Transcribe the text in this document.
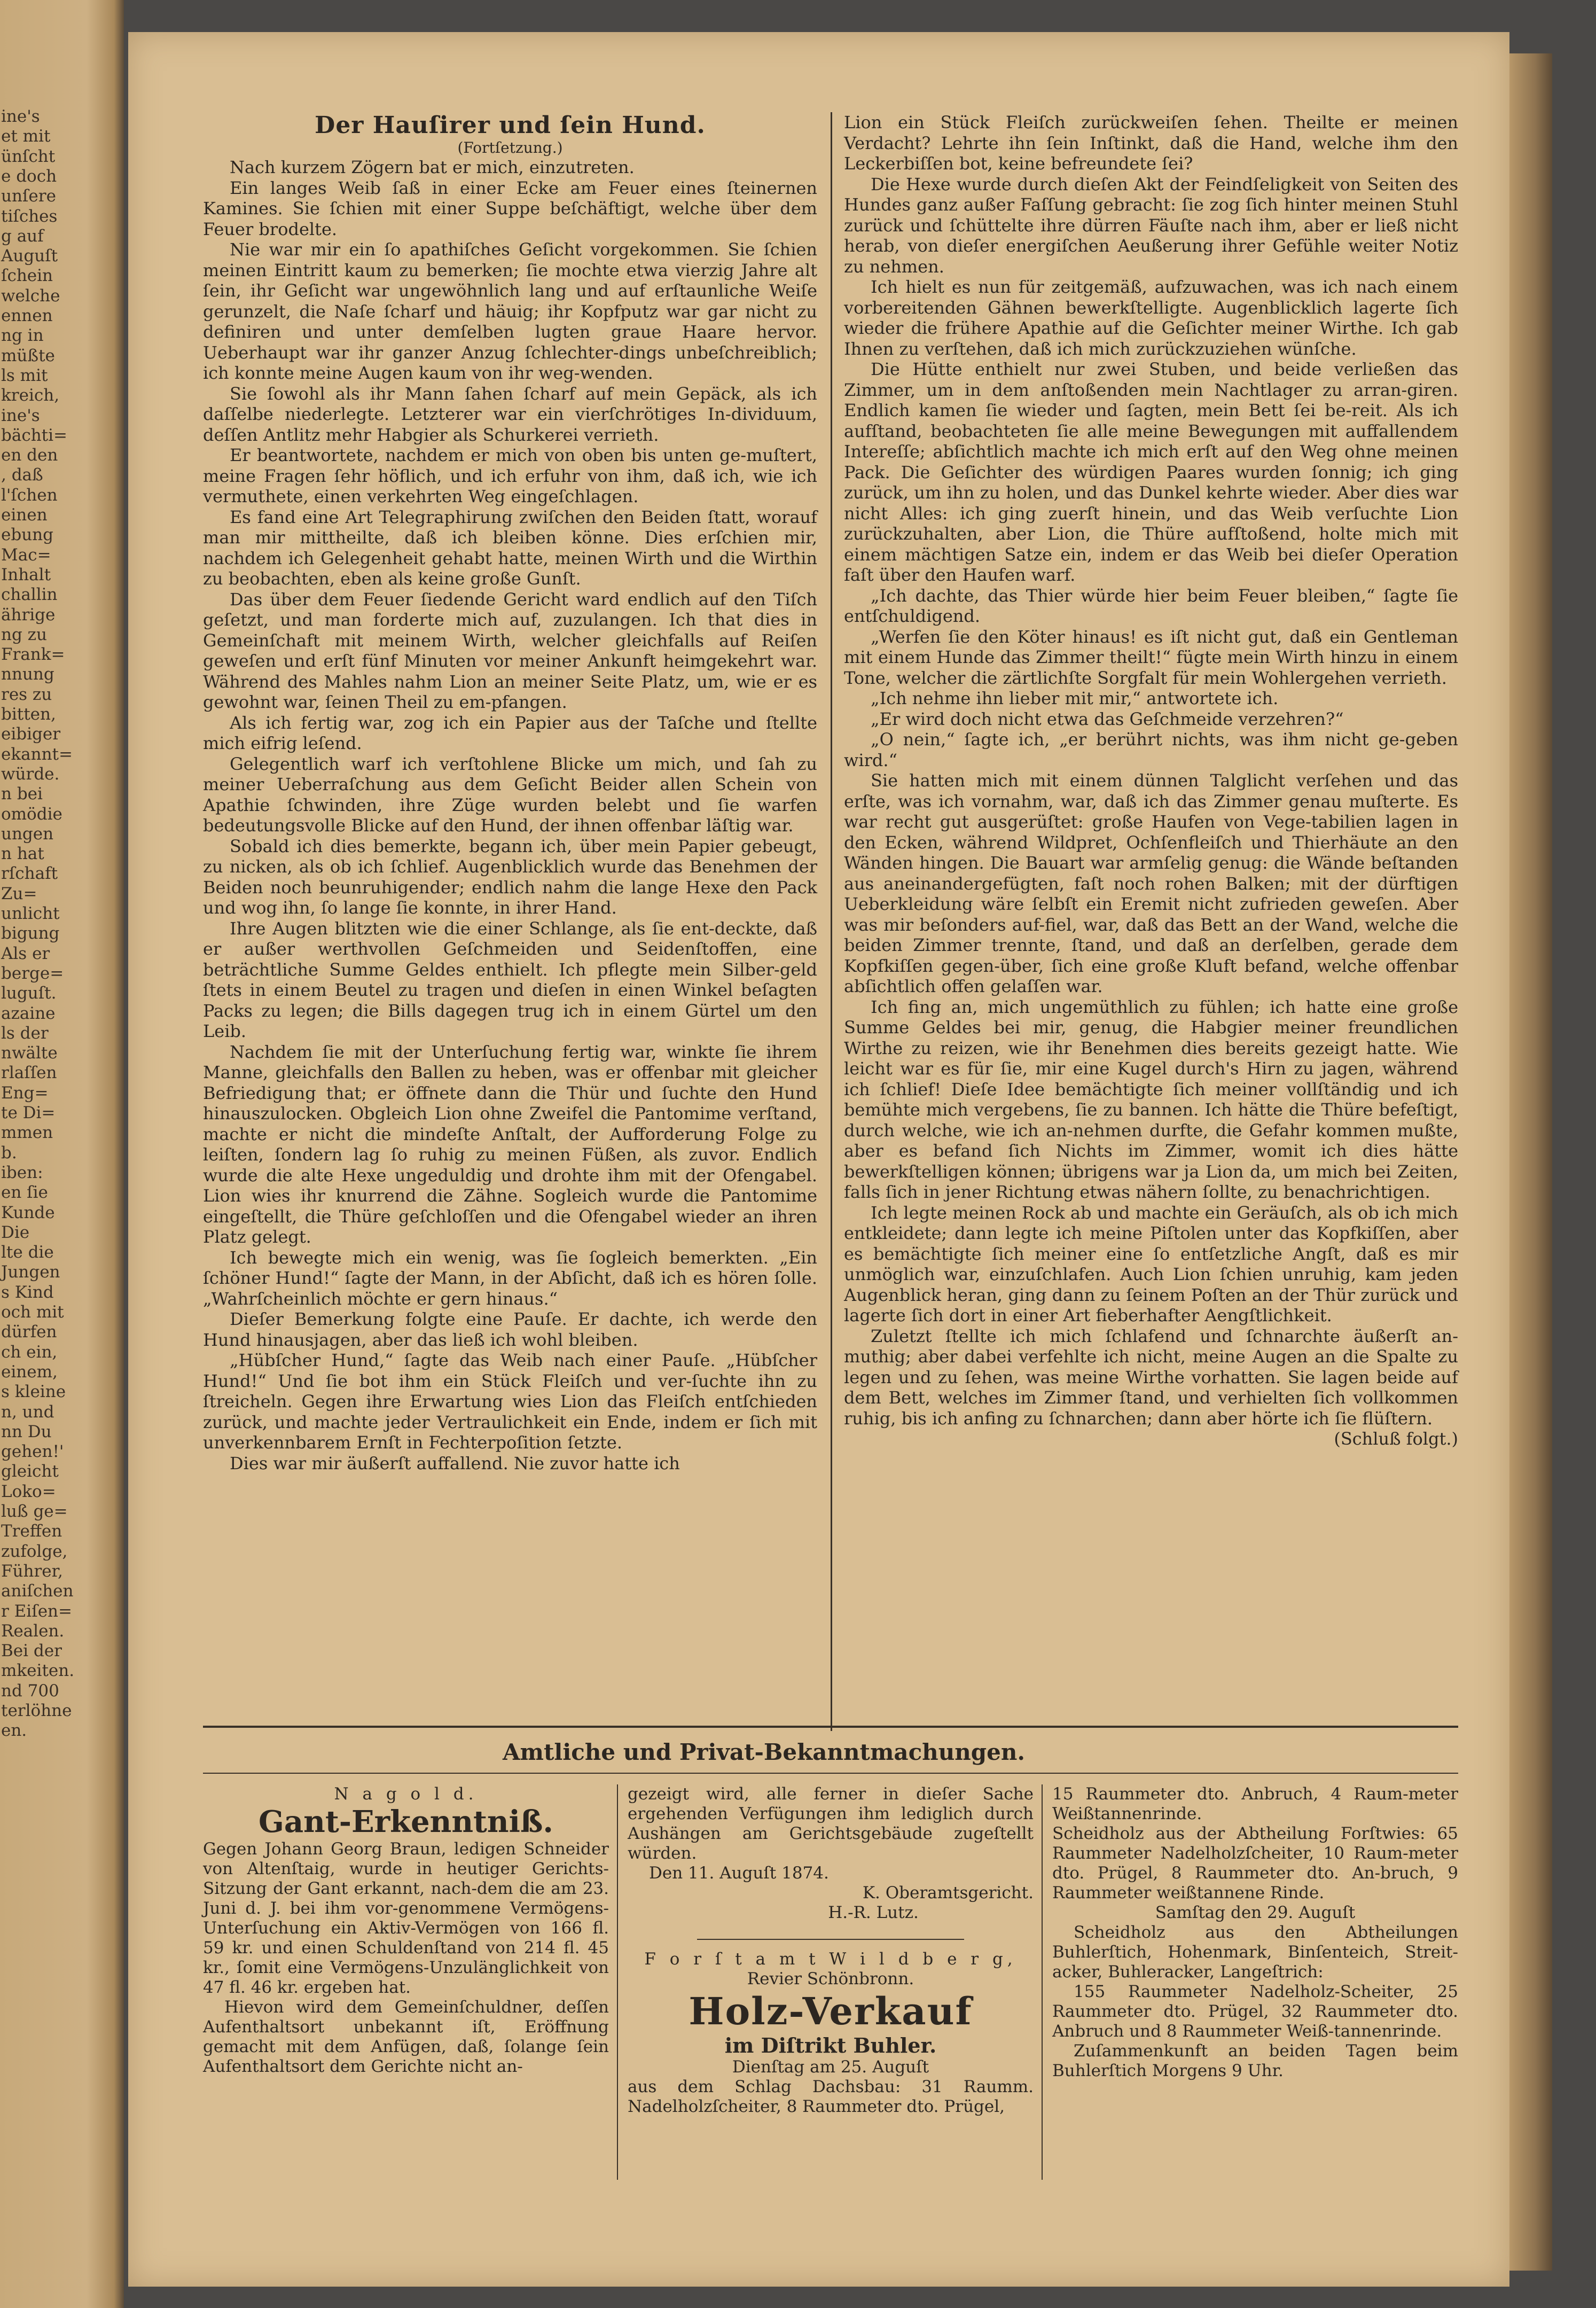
ine's
et mit
ünſcht
e doch
unſere
tiſches
g auf
Auguſt
ſchein
welche
ennen
ng in
müßte
ls mit
kreich,
ine's
bächti=
en den
, daß
l'ſchen
einen
ebung
Mac=
Inhalt
challin
ährige
ng zu
Frank=
nnung
res zu
bitten,
eibiger
ekannt=
würde.
n bei
omödie
ungen
n hat
rſchaft
Zu=
unlicht
bigung
Als er
berge=
luguſt.
azaine
ls der
nwälte
rlaſſen
Eng=
te Di=
mmen
b.
iben:
en ſie
Kunde
Die
lte die
Jungen
s Kind
och mit
dürfen
ch ein,
einem,
s kleine
n, und
nn Du
gehen!'
gleicht
Loko=
luß ge=
Treffen
zufolge,
Führer,
aniſchen
r Eiſen=
Realen.
Bei der
mkeiten.
nd 700
terlöhne
en.
Der Hauſirer und ſein Hund.
(Fortſetzung.)

Nach kurzem Zögern bat er mich, einzutreten.

Ein langes Weib ſaß in einer Ecke am Feuer eines ſteinernen Kamines. Sie ſchien mit einer Suppe beſchäftigt, welche über dem Feuer brodelte.

Nie war mir ein ſo apathiſches Geſicht vorgekommen. Sie ſchien meinen Eintritt kaum zu bemerken; ſie mochte etwa vierzig Jahre alt ſein, ihr Geſicht war ungewöhnlich lang und auf erſtaunliche Weiſe gerunzelt, die Naſe ſcharf und häuig; ihr Kopfputz war gar nicht zu definiren und unter demſelben lugten graue Haare hervor. Ueberhaupt war ihr ganzer Anzug ſchlechter-dings unbeſchreiblich; ich konnte meine Augen kaum von ihr weg-wenden.

Sie ſowohl als ihr Mann ſahen ſcharf auf mein Gepäck, als ich daſſelbe niederlegte. Letzterer war ein vierſchrötiges In-dividuum, deſſen Antlitz mehr Habgier als Schurkerei verrieth.

Er beantwortete, nachdem er mich von oben bis unten ge-muſtert, meine Fragen ſehr höflich, und ich erfuhr von ihm, daß ich, wie ich vermuthete, einen verkehrten Weg eingeſchlagen.

Es fand eine Art Telegraphirung zwiſchen den Beiden ſtatt, worauf man mir mittheilte, daß ich bleiben könne. Dies erſchien mir, nachdem ich Gelegenheit gehabt hatte, meinen Wirth und die Wirthin zu beobachten, eben als keine große Gunſt.

Das über dem Feuer ſiedende Gericht ward endlich auf den Tiſch geſetzt, und man forderte mich auf, zuzulangen. Ich that dies in Gemeinſchaft mit meinem Wirth, welcher gleichfalls auf Reiſen geweſen und erſt fünf Minuten vor meiner Ankunft heimgekehrt war. Während des Mahles nahm Lion an meiner Seite Platz, um, wie er es gewohnt war, ſeinen Theil zu em-pfangen.

Als ich fertig war, zog ich ein Papier aus der Taſche und ſtellte mich eifrig leſend.

Gelegentlich warf ich verſtohlene Blicke um mich, und ſah zu meiner Ueberraſchung aus dem Geſicht Beider allen Schein von Apathie ſchwinden, ihre Züge wurden belebt und ſie warfen bedeutungsvolle Blicke auf den Hund, der ihnen offenbar läſtig war.

Sobald ich dies bemerkte, begann ich, über mein Papier gebeugt, zu nicken, als ob ich ſchlief. Augenblicklich wurde das Benehmen der Beiden noch beunruhigender; endlich nahm die lange Hexe den Pack und wog ihn, ſo lange ſie konnte, in ihrer Hand.

Ihre Augen blitzten wie die einer Schlange, als ſie ent-deckte, daß er außer werthvollen Geſchmeiden und Seidenſtoffen, eine beträchtliche Summe Geldes enthielt. Ich pflegte mein Silber-geld ſtets in einem Beutel zu tragen und dieſen in einen Winkel beſagten Packs zu legen; die Bills dagegen trug ich in einem Gürtel um den Leib.

Nachdem ſie mit der Unterſuchung fertig war, winkte ſie ihrem Manne, gleichfalls den Ballen zu heben, was er offenbar mit gleicher Befriedigung that; er öffnete dann die Thür und ſuchte den Hund hinauszulocken. Obgleich Lion ohne Zweifel die Pantomime verſtand, machte er nicht die mindeſte Anſtalt, der Aufforderung Folge zu leiſten, ſondern lag ſo ruhig zu meinen Füßen, als zuvor. Endlich wurde die alte Hexe ungeduldig und drohte ihm mit der Ofengabel. Lion wies ihr knurrend die Zähne. Sogleich wurde die Pantomime eingeſtellt, die Thüre geſchloſſen und die Ofengabel wieder an ihren Platz gelegt.

Ich bewegte mich ein wenig, was ſie ſogleich bemerkten. „Ein ſchöner Hund!“ ſagte der Mann, in der Abſicht, daß ich es hören ſolle. „Wahrſcheinlich möchte er gern hinaus.“

Dieſer Bemerkung folgte eine Pauſe. Er dachte, ich werde den Hund hinausjagen, aber das ließ ich wohl bleiben.

„Hübſcher Hund,“ ſagte das Weib nach einer Pauſe. „Hübſcher Hund!“ Und ſie bot ihm ein Stück Fleiſch und ver-ſuchte ihn zu ſtreicheln. Gegen ihre Erwartung wies Lion das Fleiſch entſchieden zurück, und machte jeder Vertraulichkeit ein Ende, indem er ſich mit unverkennbarem Ernſt in Fechterpoſition ſetzte.

Dies war mir äußerſt auffallend. Nie zuvor hatte ich

Lion ein Stück Fleiſch zurückweiſen ſehen. Theilte er meinen Verdacht? Lehrte ihn ſein Inſtinkt, daß die Hand, welche ihm den Leckerbiſſen bot, keine befreundete ſei?

Die Hexe wurde durch dieſen Akt der Feindſeligkeit von Seiten des Hundes ganz außer Faſſung gebracht: ſie zog ſich hinter meinen Stuhl zurück und ſchüttelte ihre dürren Fäuſte nach ihm, aber er ließ nicht herab, von dieſer energiſchen Aeußerung ihrer Gefühle weiter Notiz zu nehmen.

Ich hielt es nun für zeitgemäß, aufzuwachen, was ich nach einem vorbereitenden Gähnen bewerkſtelligte. Augenblicklich lagerte ſich wieder die frühere Apathie auf die Geſichter meiner Wirthe. Ich gab Ihnen zu verſtehen, daß ich mich zurückzuziehen wünſche.

Die Hütte enthielt nur zwei Stuben, und beide verließen das Zimmer, um in dem anſtoßenden mein Nachtlager zu arran-giren. Endlich kamen ſie wieder und ſagten, mein Bett ſei be-reit. Als ich aufſtand, beobachteten ſie alle meine Bewegungen mit auffallendem Intereſſe; abſichtlich machte ich mich erſt auf den Weg ohne meinen Pack. Die Geſichter des würdigen Paares wurden ſonnig; ich ging zurück, um ihn zu holen, und das Dunkel kehrte wieder. Aber dies war nicht Alles: ich ging zuerſt hinein, und das Weib verſuchte Lion zurückzuhalten, aber Lion, die Thüre aufſtoßend, holte mich mit einem mächtigen Satze ein, indem er das Weib bei dieſer Operation faſt über den Haufen warf.

„Ich dachte, das Thier würde hier beim Feuer bleiben,“ ſagte ſie entſchuldigend.

„Werfen ſie den Köter hinaus! es iſt nicht gut, daß ein Gentleman mit einem Hunde das Zimmer theilt!“ fügte mein Wirth hinzu in einem Tone, welcher die zärtlichſte Sorgfalt für mein Wohlergehen verrieth.

„Ich nehme ihn lieber mit mir,“ antwortete ich.

„Er wird doch nicht etwa das Geſchmeide verzehren?“

„O nein,“ ſagte ich, „er berührt nichts, was ihm nicht ge-geben wird.“

Sie hatten mich mit einem dünnen Talglicht verſehen und das erſte, was ich vornahm, war, daß ich das Zimmer genau muſterte. Es war recht gut ausgerüſtet: große Haufen von Vege-tabilien lagen in den Ecken, während Wildpret, Ochſenfleiſch und Thierhäute an den Wänden hingen. Die Bauart war armſelig genug: die Wände beſtanden aus aneinandergefügten, faſt noch rohen Balken; mit der dürftigen Ueberkleidung wäre ſelbſt ein Eremit nicht zufrieden geweſen. Aber was mir beſonders auf-fiel, war, daß das Bett an der Wand, welche die beiden Zimmer trennte, ſtand, und daß an derſelben, gerade dem Kopfkiſſen gegen-über, ſich eine große Kluft befand, welche offenbar abſichtlich offen gelaſſen war.

Ich fing an, mich ungemüthlich zu fühlen; ich hatte eine große Summe Geldes bei mir, genug, die Habgier meiner freundlichen Wirthe zu reizen, wie ihr Benehmen dies bereits gezeigt hatte. Wie leicht war es für ſie, mir eine Kugel durch's Hirn zu jagen, während ich ſchlief! Dieſe Idee bemächtigte ſich meiner vollſtändig und ich bemühte mich vergebens, ſie zu bannen. Ich hätte die Thüre befeſtigt, durch welche, wie ich an-nehmen durfte, die Gefahr kommen mußte, aber es befand ſich Nichts im Zimmer, womit ich dies hätte bewerkſtelligen können; übrigens war ja Lion da, um mich bei Zeiten, falls ſich in jener Richtung etwas nähern ſollte, zu benachrichtigen.

Ich legte meinen Rock ab und machte ein Geräuſch, als ob ich mich entkleidete; dann legte ich meine Piſtolen unter das Kopfkiſſen, aber es bemächtigte ſich meiner eine ſo entſetzliche Angſt, daß es mir unmöglich war, einzuſchlafen. Auch Lion ſchien unruhig, kam jeden Augenblick heran, ging dann zu ſeinem Poſten an der Thür zurück und lagerte ſich dort in einer Art fieberhafter Aengſtlichkeit.

Zuletzt ſtellte ich mich ſchlafend und ſchnarchte äußerſt an-muthig; aber dabei verfehlte ich nicht, meine Augen an die Spalte zu legen und zu ſehen, was meine Wirthe vorhatten. Sie lagen beide auf dem Bett, welches im Zimmer ſtand, und verhielten ſich vollkommen ruhig, bis ich anfing zu ſchnarchen; dann aber hörte ich ſie flüſtern.

(Schluß folgt.)
Amtliche und Privat-Bekanntmachungen.

N a g o l d.

Gant-Erkenntniß.

Gegen Johann Georg Braun, ledigen Schneider von Altenſtaig, wurde in heutiger Gerichts-Sitzung der Gant erkannt, nach-dem die am 23. Juni d. J. bei ihm vor-genommene Vermögens-Unterſuchung ein Aktiv-Vermögen von 166 fl. 59 kr. und einen Schuldenſtand von 214 fl. 45 kr., ſomit eine Vermögens-Unzulänglichkeit von 47 fl. 46 kr. ergeben hat.

Hievon wird dem Gemeinſchuldner, deſſen Aufenthaltsort unbekannt iſt, Eröffnung gemacht mit dem Anfügen, daß, ſolange ſein Aufenthaltsort dem Gerichte nicht an-

gezeigt wird, alle ferner in dieſer Sache ergehenden Verfügungen ihm lediglich durch Aushängen am Gerichtsgebäude zugeſtellt würden.

Den 11. Auguſt 1874.

K. Oberamtsgericht.

H.-R. Lutz.

F o r ſ t a m t W i l d b e r g,

Revier Schönbronn.

Holz-Verkauf

im Diſtrikt Buhler.

Dienſtag am 25. Auguſt

aus dem Schlag Dachsbau: 31 Raumm. Nadelholzſcheiter, 8 Raummeter dto. Prügel,

15 Raummeter dto. Anbruch, 4 Raum-meter Weißtannenrinde.

Scheidholz aus der Abtheilung Forſtwies: 65 Raummeter Nadelholzſcheiter, 10 Raum-meter dto. Prügel, 8 Raummeter dto. An-bruch, 9 Raummeter weißtannene Rinde.

Samſtag den 29. Auguſt

Scheidholz aus den Abtheilungen Buhlerſtich, Hohenmark, Binſenteich, Streit-acker, Buhleracker, Langeſtrich:

155 Raummeter Nadelholz-Scheiter, 25 Raummeter dto. Prügel, 32 Raummeter dto. Anbruch und 8 Raummeter Weiß-tannenrinde.

Zuſammenkunft an beiden Tagen beim Buhlerſtich Morgens 9 Uhr.
